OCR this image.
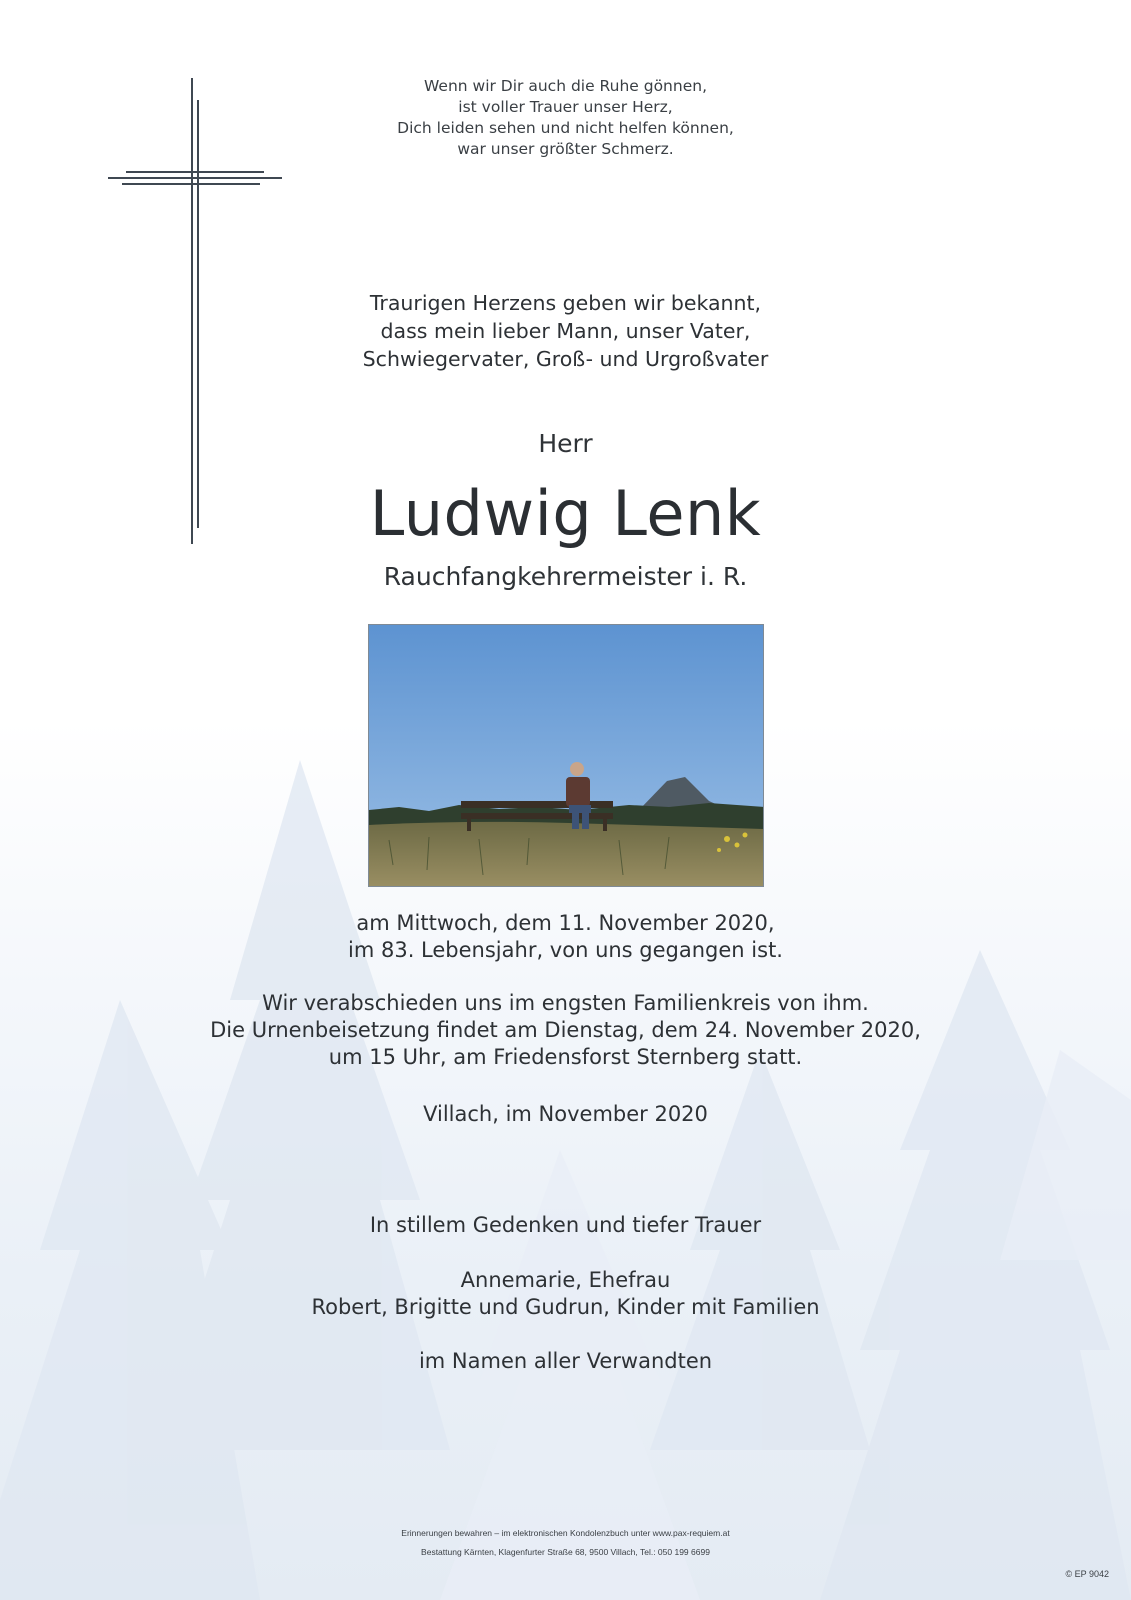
Wenn wir Dir auch die Ruhe gönnen,
ist voller Trauer unser Herz,
Dich leiden sehen und nicht helfen können,
war unser größter Schmerz.
Traurigen Herzens geben wir bekannt,
dass mein lieber Mann, unser Vater,
Schwiegervater, Groß- und Urgroßvater
Herr
Ludwig Lenk
Rauchfangkehrermeister i. R.
am Mittwoch, dem 11. November 2020,
im 83. Lebensjahr, von uns gegangen ist.
Wir verabschieden uns im engsten Familienkreis von ihm.
Die Urnenbeisetzung findet am Dienstag, dem 24. November 2020,
um 15 Uhr, am Friedensforst Sternberg statt.
Villach, im November 2020
In stillem Gedenken und tiefer Trauer
Annemarie, Ehefrau
Robert, Brigitte und Gudrun, Kinder mit Familien
im Namen aller Verwandten
Erinnerungen bewahren – im elektronischen Kondolenzbuch unter www.pax-requiem.at
Bestattung Kärnten, Klagenfurter Straße 68, 9500 Villach, Tel.: 050 199 6699
© EP 9042
